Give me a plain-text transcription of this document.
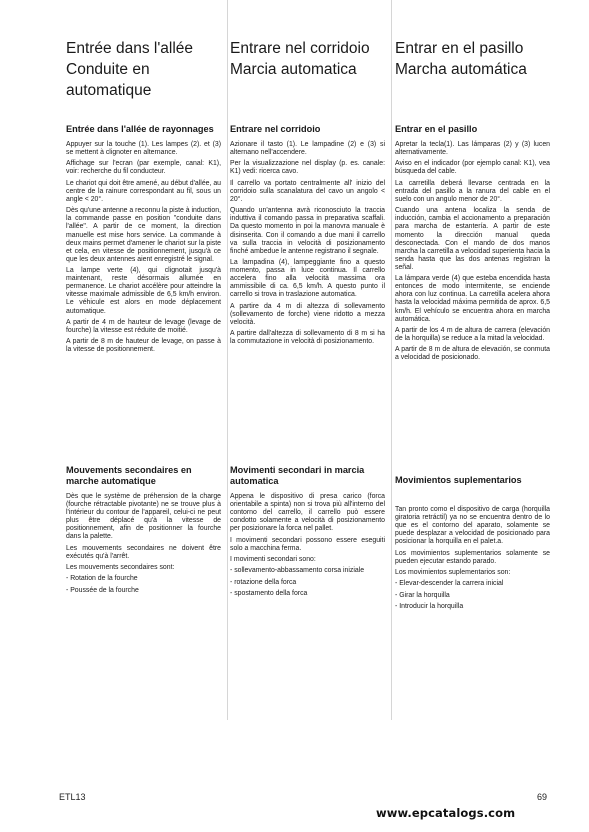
Entrée dans l'allée
Conduite en
automatique
Entrée dans l'allée de rayonnages

Appuyer sur la touche (1). Les lampes (2). et (3) se mettent à clignoter en alternance.

Affichage sur l'ecran (par exemple, canal: K1), voir: recherche du fil conducteur.

Le chariot qui doit être amené, au début d'allée, au centre de la rainure correspondant au fil, sous un angle < 20°.

Dès qu'une antenne a reconnu la piste à induction, la commande passe en position "conduite dans l'allée". A partir de ce moment, la direction manuelle est mise hors service. La commande à deux mains permet d'amener le chariot sur la piste et cela, en vitesse de positionnement, jusqu'à ce que les deux antennes aient enregistré le signal.

La lampe verte (4), qui clignotait jusqu'à maintenant, reste désormais allumée en permanence. Le chariot accélère pour atteindre la vitesse maximale admissible de 6,5 km/h environ. Le véhicule est alors en mode déplacement automatique.

A partir de 4 m de hauteur de levage (levage de fourche) la vitesse est réduite de moitié.

A partir de 8 m de hauteur de levage, on passe à la vitesse de positionnement.

Mouvements secondaires en marche automatique

Dès que le système de préhension de la charge (fourche rétractable pivotante) ne se trouve plus à l'intérieur du contour de l'appareil, celui-ci ne peut plus être déplacé qu'à la vitesse de positionnement, afin de positionner la fourche dans la palette.

Les mouvements secondaires ne doivent être exécutés qu'à l'arrêt.

Les mouvements secondaires sont:

- Rotation de la fourche

- Poussée de la fourche

Entrare nel corridoio
Marcia automatica
Entrare nel corridoio

Azionare il tasto (1). Le lampadine (2) e (3) si alternano nell'accendere.

Per la visualizzazione nel display (p. es. canale: K1) vedi: ricerca cavo.

Il carrello va portato centralmente all' inizio del corridoio sulla scanalatura del cavo un angolo < 20°.

Quando un'antenna avrà riconosciuto la traccia induttiva il comando passa in preparativa scaffali. Da questo momento in poi la manovra manuale è disinserita. Con il comando a due mani il carrello va sulla traccia in velocità di posizionamento finché ambedue le antenne registrano il segnale.

La lampadina (4), lampeggiante fino a questo momento, passa in luce continua. Il carrello accelera fino alla velocità massima ora ammissibile di ca. 6,5 km/h. A questo punto il carrello si trova in traslazione automatica.

A partire da 4 m di altezza di sollevamento (sollevamento de forche) viene ridotto a mezza velocità.

A partire dall'altezza di sollevamento di 8 m si ha la commutazione in velocità di posizionamento.

Movimenti secondari in marcia automatica

Appena le dispositivo di presa carico (forca orientabile a spinta) non si trova più all'interno del contorno del carrello, il carrello può essere condotto solamente a velocità di posizionamento per posizionare la forca nel pallet.

I movimenti secondari possono essere eseguiti solo a macchina ferma.

I movimenti secondari sono:

- sollevamento-abbassamento corsa iniziale

- rotazione della forca

- spostamento della forca

Entrar en el pasillo
Marcha automática
Entrar en el pasillo

Apretar la tecla(1). Las lámparas (2) y (3) lucen alternativamente.

Aviso en el indicador (por ejemplo canal: K1), vea búsqueda del cable.

La carretilla deberá llevarse centrada en la entrada del pasillo a la ranura del cable en el suelo con un angulo menor de 20°.

Cuando una antena localiza la senda de inducción, cambia el accionamento a preparación para marcha de estantería. A partir de este momento la dirección manual queda desconectada. Con el mando de dos manos marcha la carretilla a velocidad superienta hacia la senda hasta que las dos antenas registran la señal.

La lámpara verde (4) que esteba encendida hasta entonces de modo intermitente, se enciende ahora con luz continua. La carretilla acelera ahora hasta la velocidad máxima permitida de aprox. 6,5 km/h. El vehículo se encuentra ahora en marcha automática.

A partir de los 4 m de altura de carrera (elevación de la horquilla) se reduce a la mitad la velocidad.

A partir de 8 m de altura de elevación, se conmuta a velocidad de posicionado.

Movimientos suplementarios

Tan pronto como el dispositivo de carga (horquilla giratoria retráctil) ya no se encuentra dentro de lo que es el contorno del aparato, solamente se puede desplazar a velocidad de posicionado para posicionar la horquilla en el palet.a.

Los movimientos suplementarios solamente se pueden ejecutar estando parado.

Los movimientos suplementarios son:

- Elevar-descender la carrera inicial

- Girar la horquilla

- Introducir la horquilla

ETL13	69
www.epcatalogs.com
